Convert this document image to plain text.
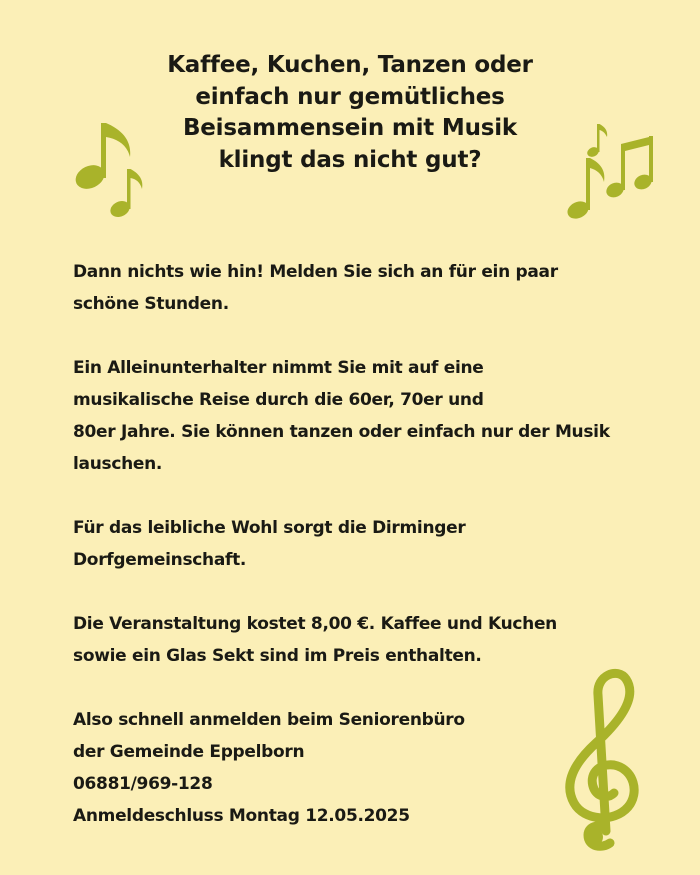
Kaffee, Kuchen, Tanzen oder
einfach nur gemütliches
Beisammensein mit Musik
klingt das nicht gut?

Dann nichts wie hin! Melden Sie sich an für ein paar
schöne Stunden.

Ein Alleinunterhalter nimmt Sie mit auf eine
musikalische Reise durch die 60er, 70er und
80er Jahre. Sie können tanzen oder einfach nur der Musik
lauschen.

Für das leibliche Wohl sorgt die Dirminger
Dorfgemeinschaft.

Die Veranstaltung kostet 8,00 €. Kaffee und Kuchen
sowie ein Glas Sekt sind im Preis enthalten.

Also schnell anmelden beim Seniorenbüro
der Gemeinde Eppelborn
06881/969-128
Anmeldeschluss Montag 12.05.2025
